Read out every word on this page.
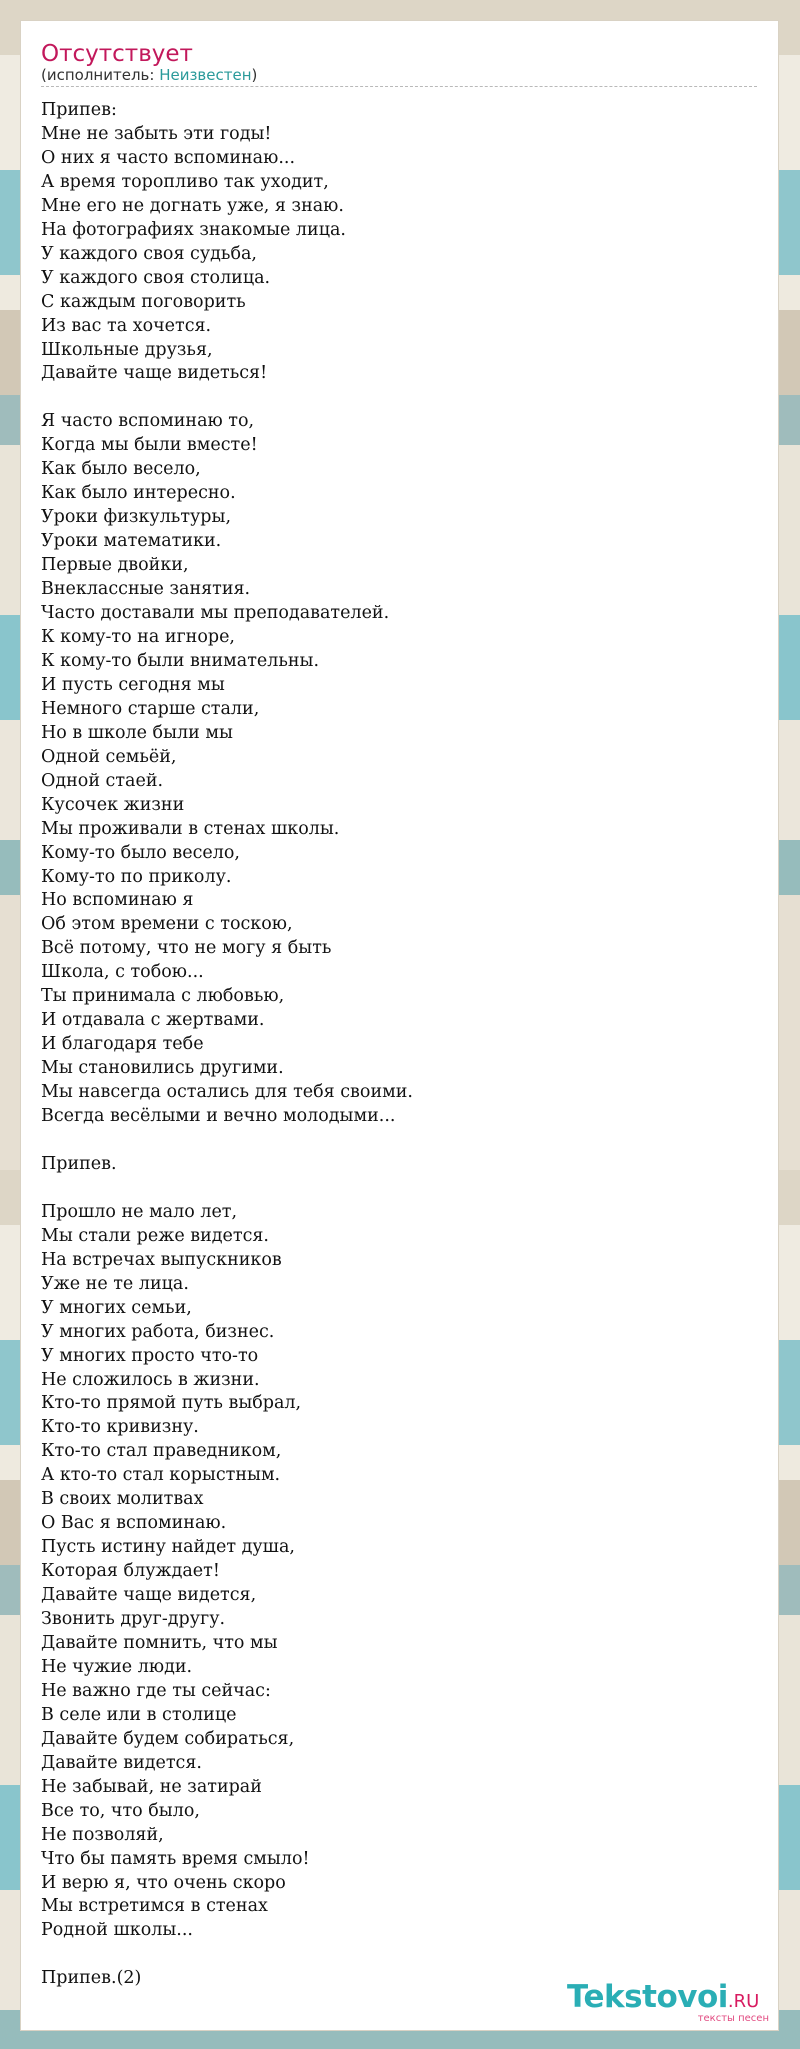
Отсутствует
(исполнитель: Неизвестен)
Припев:
Мне не забыть эти годы!
О них я часто вспоминаю...
А время торопливо так уходит,
Мне его не догнать уже, я знаю.
На фотографиях знакомые лица.
У каждого своя судьба,
У каждого своя столица.
С каждым поговорить
Из вас та хочется.
Школьные друзья,
Давайте чаще видеться!

Я часто вспоминаю то,
Когда мы были вместе!
Как было весело,
Как было интересно.
Уроки физкультуры,
Уроки математики.
Первые двойки,
Внеклассные занятия.
Часто доставали мы преподавателей.
К кому-то на игноре,
К кому-то были внимательны.
И пусть сегодня мы
Немного старше стали,
Но в школе были мы
Одной семьёй,
Одной стаей.
Кусочек жизни
Мы проживали в стенах школы.
Кому-то было весело,
Кому-то по приколу.
Но вспоминаю я
Об этом времени с тоскою,
Всё потому, что не могу я быть
Школа, с тобою...
Ты принимала с любовью,
И отдавала с жертвами.
И благодаря тебе
Мы становились другими.
Мы навсегда остались для тебя своими.
Всегда весёлыми и вечно молодыми...

Припев.

Прошло не мало лет,
Мы стали реже видется.
На встречах выпускников
Уже не те лица.
У многих семьи,
У многих работа, бизнес.
У многих просто что-то
Не сложилось в жизни.
Кто-то прямой путь выбрал,
Кто-то кривизну.
Кто-то стал праведником,
А кто-то стал корыстным.
В своих молитвах
О Вас я вспоминаю.
Пусть истину найдет душа,
Которая блуждает!
Давайте чаще видется,
Звонить друг-другу.
Давайте помнить, что мы
Не чужие люди.
Не важно где ты сейчас:
В селе или в столице
Давайте будем собираться,
Давайте видется.
Не забывай, не затирай
Все то, что было,
Не позволяй,
Что бы память время смыло!
И верю я, что очень скоро
Мы встретимся в стенах
Родной школы...

Припев.(2)
Tekstovoi.RU
тексты песен
